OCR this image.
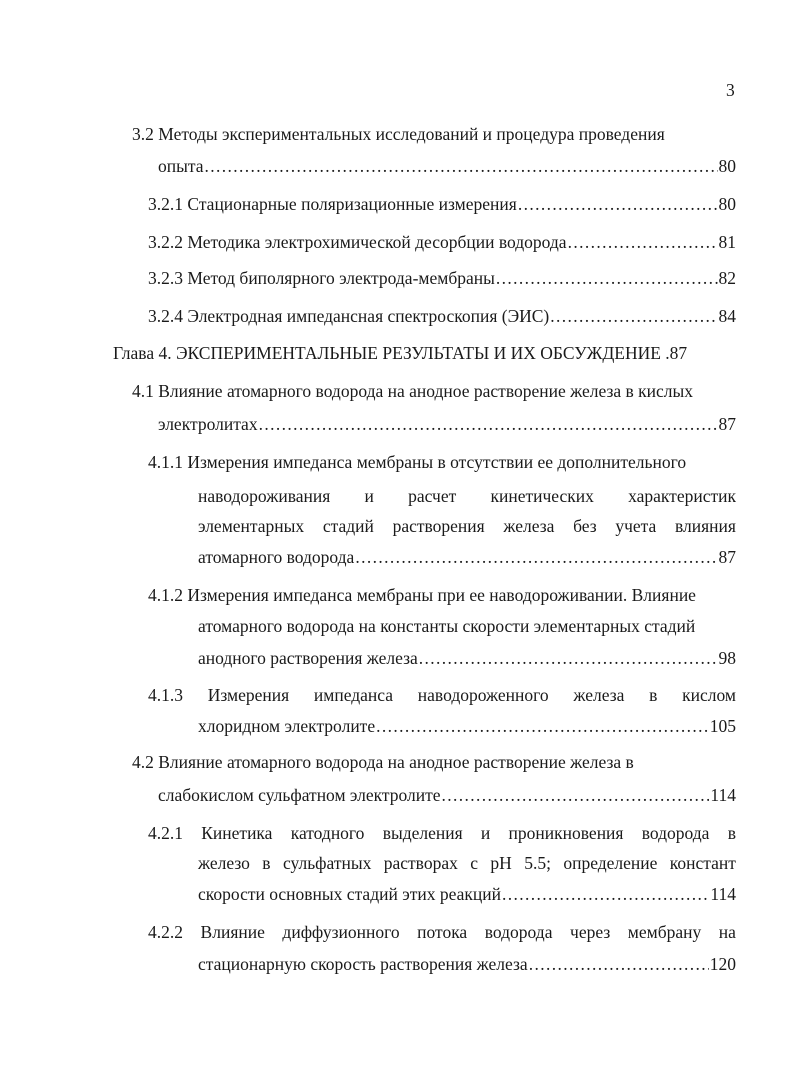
3
3.2 Методы экспериментальных исследований и процедура проведения
опыта . . .	80
3.2.1 Стационарные поляризационные измерения . . .	80
3.2.2 Методика электрохимической десорбции водорода . . .	81
3.2.3 Метод биполярного электрода-мембраны . . .	82
3.2.4 Электродная импедансная спектроскопия (ЭИС) . . .	84
Глава 4. ЭКСПЕРИМЕНТАЛЬНЫЕ РЕЗУЛЬТАТЫ И ИХ ОБСУЖДЕНИЕ .87
4.1 Влияние атомарного водорода на анодное растворение железа в кислых
электролитах . . .	87
4.1.1 Измерения импеданса мембраны в отсутствии ее дополнительного
наводороживания и расчет кинетических характеристик
элементарных стадий растворения железа без учета влияния
атомарного водорода . . .	87
4.1.2 Измерения импеданса мембраны при ее наводороживании. Влияние
атомарного водорода на константы скорости элементарных стадий
анодного растворения железа . . .	98
4.1.3 Измерения импеданса наводороженного железа в кислом
хлоридном электролите . . .	105
4.2 Влияние атомарного водорода на анодное растворение железа в
слабокислом сульфатном электролите . . .	114
4.2.1 Кинетика катодного выделения и проникновения водорода в
железо в сульфатных растворах с pH 5.5; определение констант
скорости основных стадий этих реакций . . .	114
4.2.2 Влияние диффузионного потока водорода через мембрану на
стационарную скорость растворения железа . . .	120
